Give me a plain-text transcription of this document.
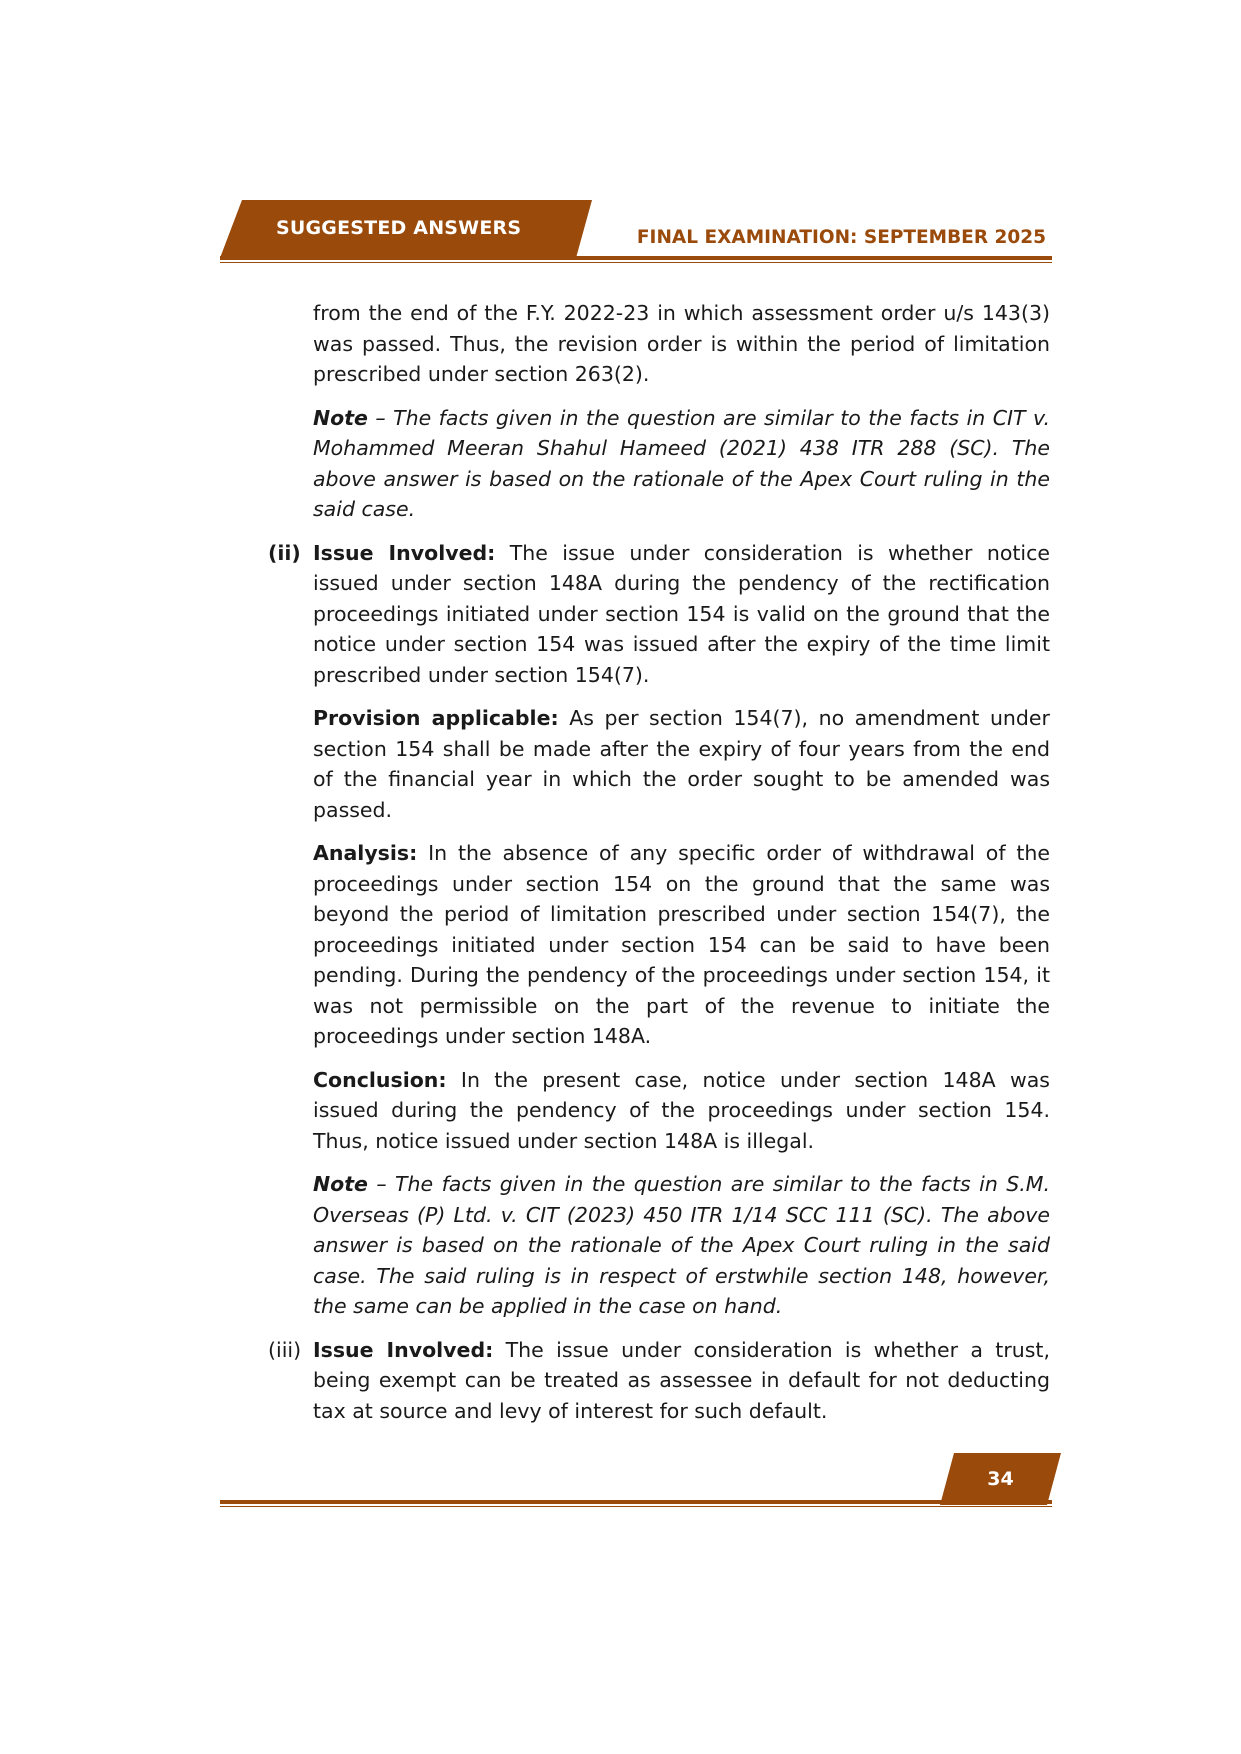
SUGGESTED ANSWERS	FINAL EXAMINATION: SEPTEMBER 2025

from the end of the F.Y. 2022-23 in which assessment order u/s 143(3) was passed. Thus, the revision order is within the period of limitation prescribed under section 263(2).

Note – The facts given in the question are similar to the facts in CIT v. Mohammed Meeran Shahul Hameed (2021) 438 ITR 288 (SC). The above answer is based on the rationale of the Apex Court ruling in the said case.

(ii) Issue Involved: The issue under consideration is whether notice issued under section 148A during the pendency of the rectification proceedings initiated under section 154 is valid on the ground that the notice under section 154 was issued after the expiry of the time limit prescribed under section 154(7).

Provision applicable: As per section 154(7), no amendment under section 154 shall be made after the expiry of four years from the end of the financial year in which the order sought to be amended was passed.

Analysis: In the absence of any specific order of withdrawal of the proceedings under section 154 on the ground that the same was beyond the period of limitation prescribed under section 154(7), the proceedings initiated under section 154 can be said to have been pending. During the pendency of the proceedings under section 154, it was not permissible on the part of the revenue to initiate the proceedings under section 148A.

Conclusion: In the present case, notice under section 148A was issued during the pendency of the proceedings under section 154. Thus, notice issued under section 148A is illegal.

Note – The facts given in the question are similar to the facts in S.M. Overseas (P) Ltd. v. CIT (2023) 450 ITR 1/14 SCC 111 (SC). The above answer is based on the rationale of the Apex Court ruling in the said case. The said ruling is in respect of erstwhile section 148, however, the same can be applied in the case on hand.

(iii) Issue Involved: The issue under consideration is whether a trust, being exempt can be treated as assessee in default for not deducting tax at source and levy of interest for such default.
34
